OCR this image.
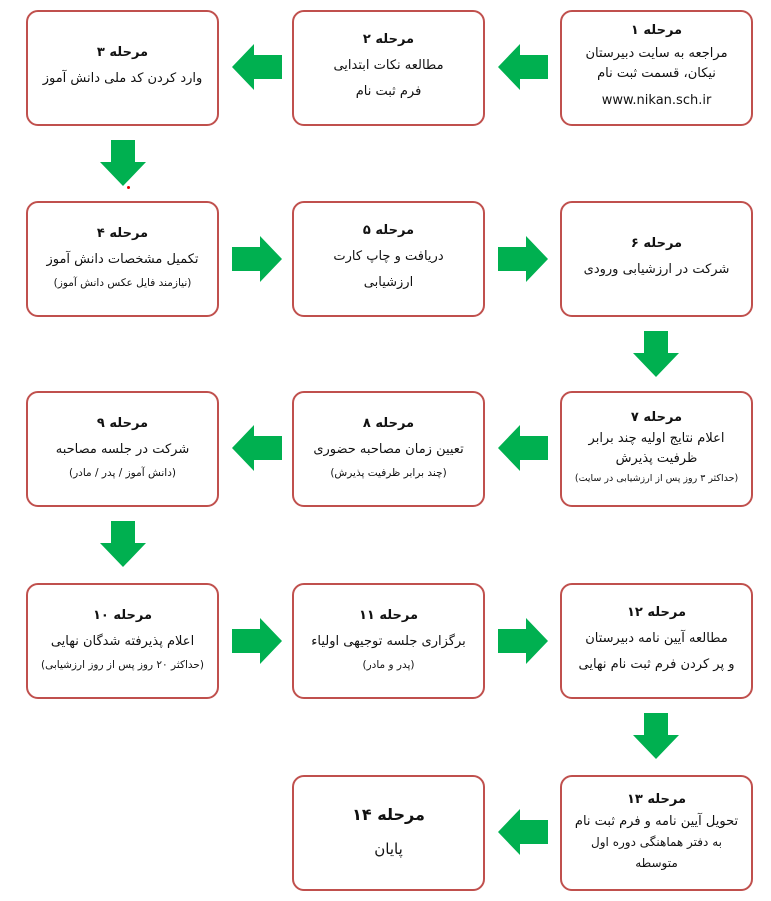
مرحله ۱
مراجعه به سایت دبیرستان
نیکان، قسمت ثبت نام
www.nikan.sch.ir
مرحله ۲
مطالعه نکات ابتدایی
فرم ثبت نام
مرحله ۳
وارد کردن کد ملی دانش آموز
مرحله ۴
تکمیل مشخصات دانش آموز
(نیازمند فایل عکس دانش آموز)
مرحله ۵
دریافت و چاپ کارت
ارزشیابی
مرحله ۶
شرکت در ارزشیابی ورودی
مرحله ۷
اعلام نتایج اولیه چند برابر
ظرفیت پذیرش
(حداکثر ۳ روز پس از ارزشیابی در سایت)
مرحله ۸
تعیین زمان مصاحبه حضوری
(چند برابر ظرفیت پذیرش)
مرحله ۹
شرکت در جلسه مصاحبه
(دانش آموز / پدر / مادر)
مرحله ۱۰
اعلام پذیرفته شدگان نهایی
(حداکثر ۲۰ روز پس از روز ارزشیابی)
مرحله ۱۱
برگزاری جلسه توجیهی اولیاء
(پدر و مادر)
مرحله ۱۲
مطالعه آیین نامه دبیرستان
و پر کردن فرم ثبت نام نهایی
مرحله ۱۳
تحویل آیین نامه و فرم ثبت نام
به دفتر هماهنگی دوره اول
متوسطه
مرحله ۱۴
پایان
